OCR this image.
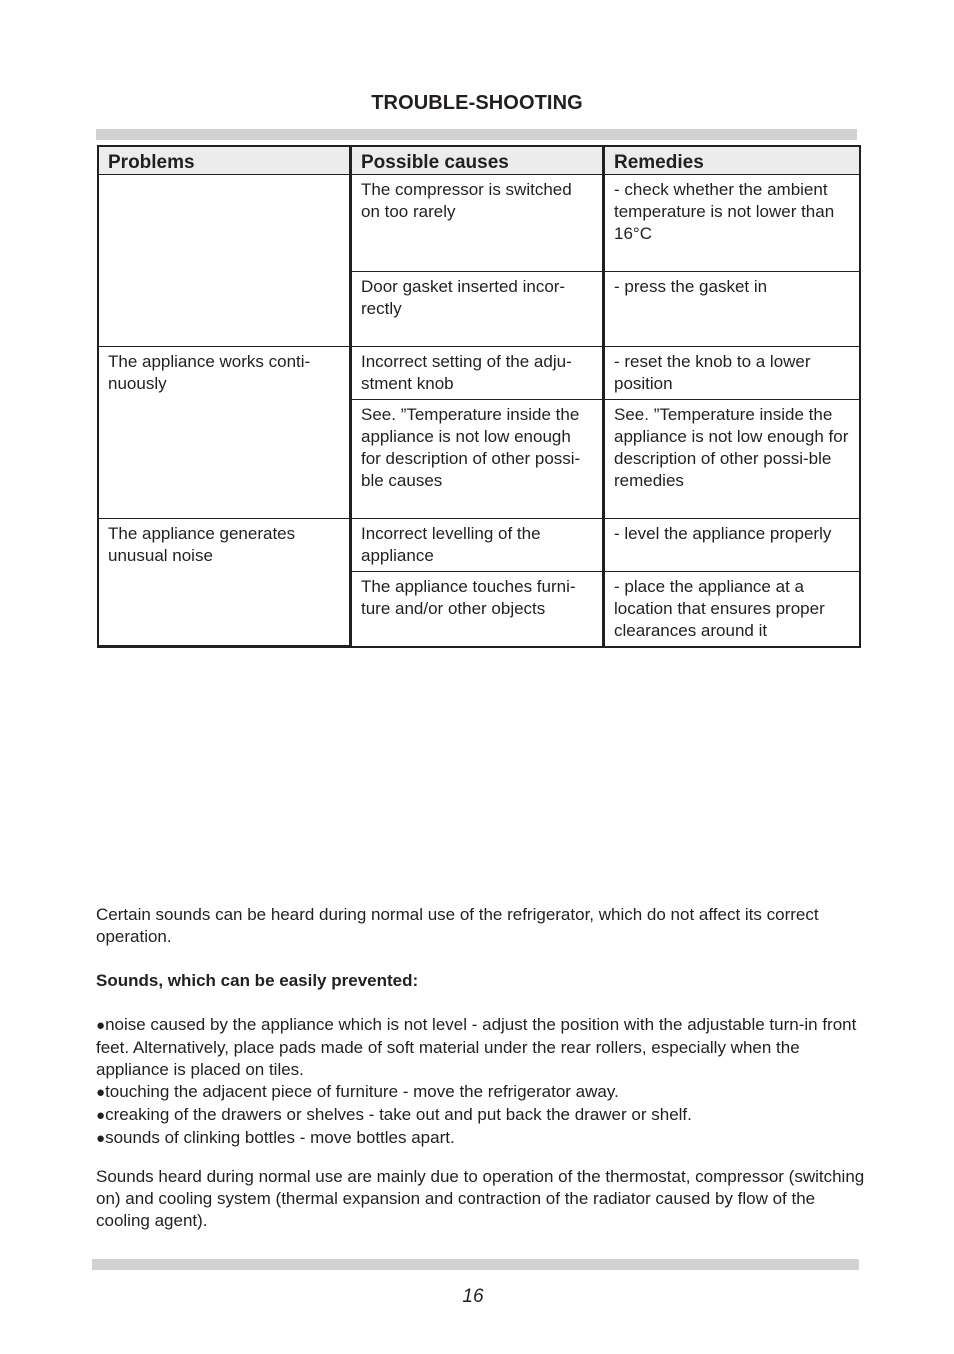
TROUBLE-SHOOTING
Problems	Possible causes	Remedies
	The compressor is switched on too rarely	- check whether the ambient temperature is not lower than 16°C
	Door gasket inserted incor-rectly	- press the gasket in
The appliance works conti-nuously	Incorrect setting of the adju-stment knob	- reset the knob to a lower position
	See. ”Temperature inside the appliance is not low enough for description of other possi-ble causes	See. ”Temperature inside the appliance is not low enough for description of other possi-ble remedies
The appliance generates unusual noise	Incorrect levelling of the appliance	- level the appliance properly
	The appliance touches furni-ture and/or other objects	- place the appliance at a location that ensures proper clearances around it
Certain sounds can be heard during normal use of the refrigerator, which do not affect its correct operation.
Sounds, which can be easily prevented:
●noise caused by the appliance which is not level - adjust the position with the adjustable turn-in front feet. Alternatively, place pads made of soft material under the rear rollers, especially when the appliance is placed on tiles.
●touching the adjacent piece of furniture - move the refrigerator away.
●creaking of the drawers or shelves - take out and put back the drawer or shelf.
●sounds of clinking bottles - move bottles apart.
Sounds heard during normal use are mainly due to operation of the thermostat, compressor (switching on) and cooling system (thermal expansion and contraction of the radiator caused by flow of the cooling agent).
16
